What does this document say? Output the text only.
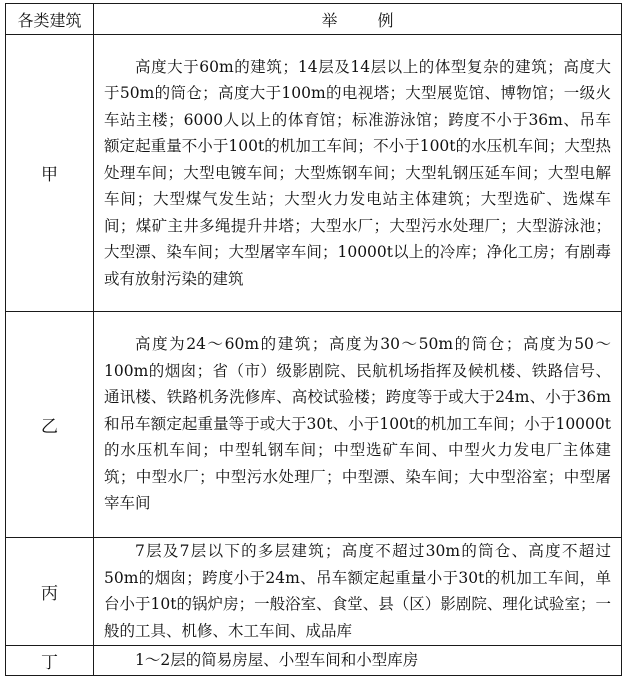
各类建筑	举例
甲	高度大于60m的建筑；14层及14层以上的体型复杂的建筑；高度大于50m的筒仓；高度大于100m的电视塔；大型展览馆、博物馆；一级火车站主楼；6000人以上的体育馆；标准游泳馆；跨度不小于36m、吊车额定起重量不小于100t的机加工车间；不小于100t的水压机车间；大型热处理车间；大型电镀车间；大型炼钢车间；大型轧钢压延车间；大型电解车间；大型煤气发生站；大型火力发电站主体建筑；大型选矿、选煤车间；煤矿主井多绳提升井塔；大型水厂；大型污水处理厂；大型游泳池；大型漂、染车间；大型屠宰车间；10000t以上的冷库；净化工房；有剧毒或有放射污染的建筑
乙	高度为24～60m的建筑；高度为30～50m的筒仓；高度为50～100m的烟囱；省（市）级影剧院、民航机场指挥及候机楼、铁路信号、通讯楼、铁路机务洗修库、高校试验楼；跨度等于或大于24m、小于36m和吊车额定起重量等于或大于30t、小于100t的机加工车间；小于10000t的水压机车间；中型轧钢车间；中型选矿车间、中型火力发电厂主体建筑；中型水厂；中型污水处理厂；中型漂、染车间；大中型浴室；中型屠宰车间
丙	7层及7层以下的多层建筑；高度不超过30m的筒仓、高度不超过50m的烟囱；跨度小于24m、吊车额定起重量小于30t的机加工车间，单台小于10t的锅炉房；一般浴室、食堂、县（区）影剧院、理化试验室；一般的工具、机修、木工车间、成品库
丁	1～2层的简易房屋、小型车间和小型库房
